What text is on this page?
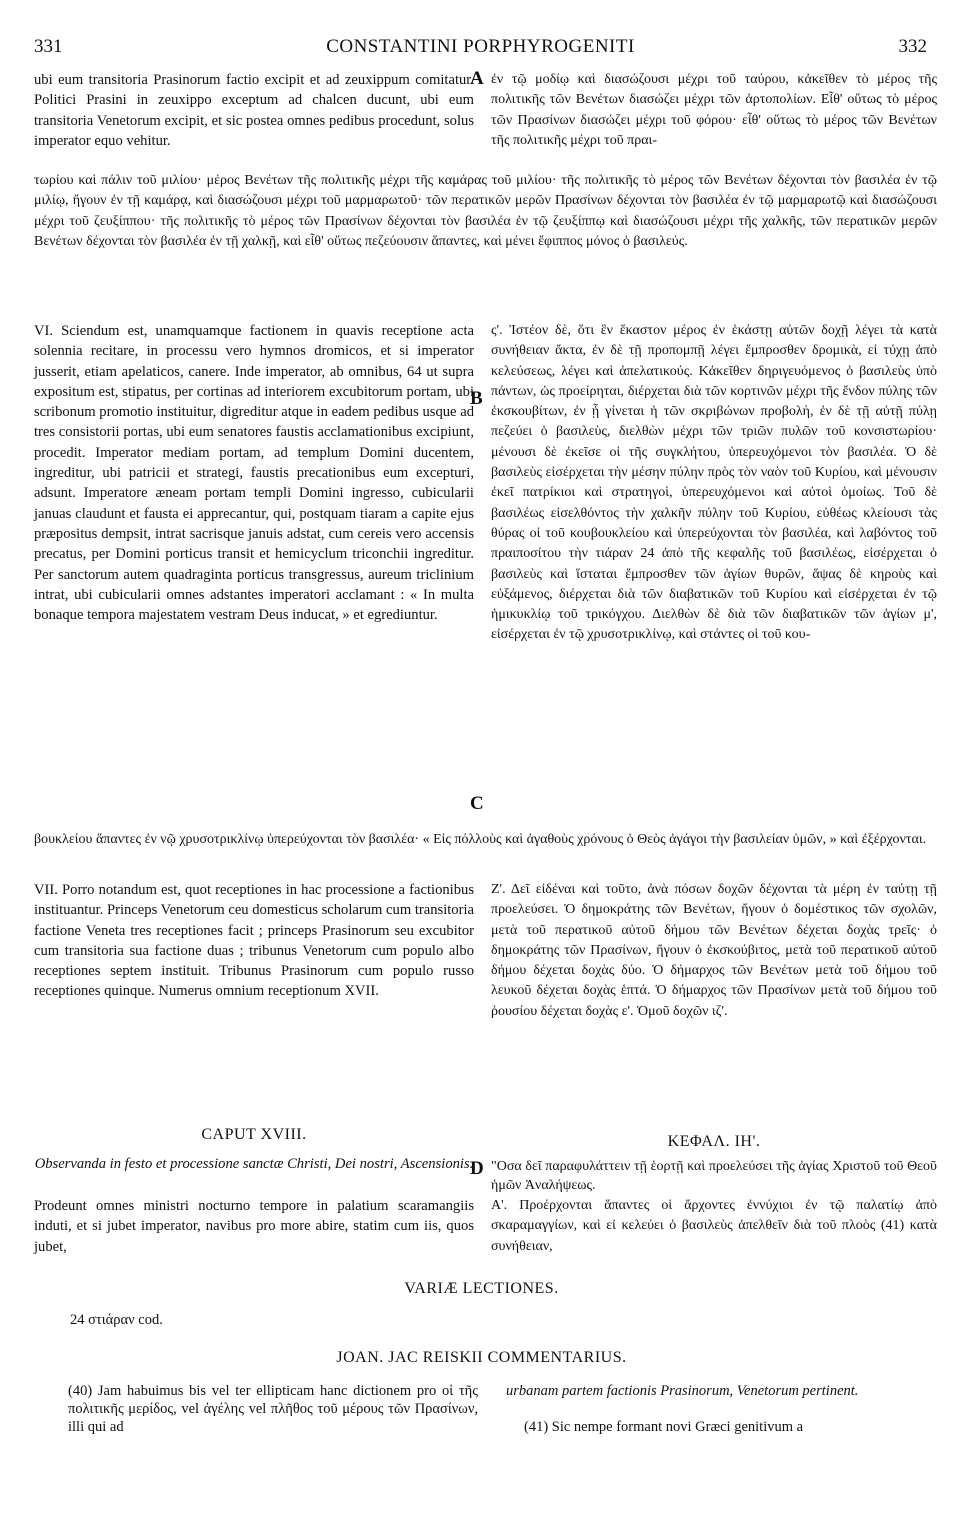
331	CONSTANTINI PORPHYROGENITI	332
A
B
C
D

ubi eum transitoria Prasinorum factio excipit et ad zeuxippum comitatur. Politici Prasini in zeuxippo exceptum ad chalcen ducunt, ubi eum transitoria Venetorum excipit, et sic postea omnes pedibus procedunt, solus imperator equo vehitur.

ἐν τῷ μοδίῳ καὶ διασώζουσι μέχρι τοῦ ταύρου, κἀκεῖθεν τὸ μέρος τῆς πολιτικῆς τῶν Βενέτων διασώζει μέχρι τῶν ἀρτοπολίων. Εἶθ' οὕτως τὸ μέρος τῶν Πρασίνων διασώζει μέχρι τοῦ φόρου· εἶθ' οὕτως τὸ μέρος τῶν Βενέτων τῆς πολιτικῆς μέχρι τοῦ πραι-

τωρίου καὶ πάλιν τοῦ μιλίου· μέρος Βενέτων τῆς πολιτικῆς μέχρι τῆς καμάρας τοῦ μιλίου· τῆς πολιτικῆς τὸ μέρος τῶν Βενέτων δέχονται τὸν βασιλέα ἐν τῷ μιλίῳ, ἤγουν ἐν τῇ καμάρᾳ, καὶ διασώζουσι μέχρι τοῦ μαρμαρωτοῦ· τῶν περατικῶν μερῶν Πρασίνων δέχονται τὸν βασιλέα ἐν τῷ μαρμαρωτῷ καὶ διασώζουσι μέχρι τοῦ ζευξίππου· τῆς πολιτικῆς τὸ μέρος τῶν Πρασίνων δέχονται τὸν βασιλέα ἐν τῷ ζευξίππῳ καὶ διασώζουσι μέχρι τῆς χαλκῆς, τῶν περατικῶν μερῶν Βενέτων δέχονται τὸν βασιλέα ἐν τῇ χαλκῇ, καὶ εἶθ' οὕτως πεζεύουσιν ἅπαντες, καὶ μένει ἔφιππος μόνος ὁ βασιλεύς.

VI. Sciendum est, unamquamque factionem in quavis receptione acta solennia recitare, in processu vero hymnos dromicos, et si imperator jusserit, etiam apelaticos, canere. Inde imperator, ab omnibus, 64 ut supra expositum est, stipatus, per cortinas ad interiorem excubitorum portam, ubi scribonum promotio instituitur, digreditur atque in eadem pedibus usque ad tres consistorii portas, ubi eum senatores faustis acclamationibus excipiunt, procedit. Imperator mediam portam, ad templum Domini ducentem, ingreditur, ubi patricii et strategi, faustis precationibus eum excepturi, adsunt. Imperatore æneam portam templi Domini ingresso, cubicularii januas claudunt et fausta ei apprecantur, qui, postquam tiaram a capite ejus præpositus dempsit, intrat sacrisque januis adstat, cum cereis vero accensis precatus, per Domini porticus transit et hemicyclum triconchii ingreditur. Per sanctorum autem quadraginta porticus transgressus, aureum triclinium intrat, ubi cubicularii omnes adstantes imperatori acclamant : « In multa bonaque tempora majestatem vestram Deus inducat, » et egrediuntur.

ς'. Ἰστέον δὲ, ὅτι ἓν ἕκαστον μέρος ἐν ἑκάστῃ αὐτῶν δοχῇ λέγει τὰ κατὰ συνήθειαν ἄκτα, ἐν δὲ τῇ προπομπῇ λέγει ἔμπροσθεν δρομικὰ, εἰ τύχῃ ἀπὸ κελεύσεως, λέγει καὶ ἀπελατικούς. Κἀκεῖθεν δηριγευόμενος ὁ βασιλεὺς ὑπὸ πάντων, ὡς προείρηται, διέρχεται διὰ τῶν κορτινῶν μέχρι τῆς ἔνδον πύλης τῶν ἐκσκουβίτων, ἐν ᾗ γίνεται ἡ τῶν σκριβώνων προβολὴ, ἐν δὲ τῇ αὐτῇ πύλῃ πεζεύει ὁ βασιλεὺς, διελθὼν μέχρι τῶν τριῶν πυλῶν τοῦ κονσιστωρίου· μένουσι δὲ ἐκεῖσε οἱ τῆς συγκλήτου, ὑπερευχόμενοι τὸν βασιλέα. Ὁ δὲ βασιλεὺς εἰσέρχεται τὴν μέσην πύλην πρὸς τὸν ναὸν τοῦ Κυρίου, καὶ μένουσιν ἐκεῖ πατρίκιοι καὶ στρατηγοὶ, ὑπερευχόμενοι καὶ αὐτοὶ ὁμοίως. Τοῦ δὲ βασιλέως εἰσελθόντος τὴν χαλκῆν πύλην τοῦ Κυρίου, εὐθέως κλείουσι τὰς θύρας οἱ τοῦ κουβουκλείου καὶ ὑπερεύχονται τὸν βασιλέα, καὶ λαβόντος τοῦ πραιποσίτου τὴν τιάραν 24 ἀπὸ τῆς κεφαλῆς τοῦ βασιλέως, εἰσέρχεται ὁ βασιλεὺς καὶ ἵσταται ἔμπροσθεν τῶν ἁγίων θυρῶν, ἅψας δὲ κηροὺς καὶ εὐξάμενος, διέρχεται διὰ τῶν διαβατικῶν τοῦ Κυρίου καὶ εἰσέρχεται ἐν τῷ ἡμικυκλίῳ τοῦ τρικόγχου. Διελθὼν δὲ διὰ τῶν διαβατικῶν τῶν ἁγίων μ', εἰσέρχεται ἐν τῷ χρυσοτρικλίνῳ, καὶ στάντες οἱ τοῦ κου-

βουκλείου ἅπαντες ἐν νῷ χρυσοτρικλίνῳ ὑπερεύχονται τὸν βασιλέα· « Εἰς πόλλοὺς καὶ ἀγαθοὺς χρόνους ὁ Θεὸς ἀγάγοι τὴν βασιλείαν ὑμῶν, » καὶ ἐξέρχονται.

VII. Porro notandum est, quot receptiones in hac processione a factionibus instituantur. Princeps Venetorum ceu domesticus scholarum cum transitoria factione Veneta tres receptiones facit ; princeps Prasinorum seu excubitor cum transitoria sua factione duas ; tribunus Venetorum cum populo albo receptiones septem instituit. Tribunus Prasinorum cum populo russo receptiones quinque. Numerus omnium receptionum XVII.

Ζ'. Δεῖ εἰδέναι καὶ τοῦτο, ἀνὰ πόσων δοχῶν δέχονται τὰ μέρη ἐν ταύτῃ τῇ προελεύσει. Ὁ δημοκράτης τῶν Βενέτων, ἤγουν ὁ δομέστικος τῶν σχολῶν, μετὰ τοῦ περατικοῦ αὐτοῦ δήμου τῶν Βενέτων δέχεται δοχὰς τρεῖς· ὁ δημοκράτης τῶν Πρασίνων, ἤγουν ὁ ἐκσκούβιτος, μετὰ τοῦ περατικοῦ αὐτοῦ δήμου δέχεται δοχὰς δύο. Ὁ δήμαρχος τῶν Βενέτων μετὰ τοῦ δήμου τοῦ λευκοῦ δέχεται δοχὰς ἑπτά. Ὁ δήμαρχος τῶν Πρασίνων μετὰ τοῦ δήμου τοῦ ῥουσίου δέχεται δοχὰς ε'. Ὁμοῦ δοχῶν ιζ'.

CAPUT XVIII.	ΚΕΦΑΛ. ΙΗ'.

Observanda in festo et processione sanctæ Christi, Dei nostri, Ascensionis. "Οσα δεῖ παραφυλάττειν τῇ ἑορτῇ καὶ προελεύσει τῆς ἁγίας Χριστοῦ τοῦ Θεοῦ ἡμῶν Ἀναλήψεως.

Prodeunt omnes ministri nocturno tempore in palatium scaramangiis induti, et si jubet imperator, navibus pro more abire, statim cum iis, quos jubet,

Α'. Προέρχονται ἅπαντες οἱ ἄρχοντες ἐννύχιοι ἐν τῷ παλατίῳ ἀπὸ σκαραμαγγίων, καὶ εἰ κελεύει ὁ βασιλεὺς ἀπελθεῖν διὰ τοῦ πλοὸς (41) κατὰ συνήθειαν,

VARIÆ LECTIONES.
24 στιάραν cod.
JOAN. JAC REISKII COMMENTARIUS.

(40) Jam habuimus bis vel ter ellipticam hanc dictionem pro οἱ τῆς πολιτικῆς μερίδος, vel ἀγέλης vel πλῆθος τοῦ μέρους τῶν Πρασίνων, illi qui ad

urbanam partem factionis Prasinorum, Venetorum pertinent.

(41) Sic nempe formant novi Græci genitivum a
